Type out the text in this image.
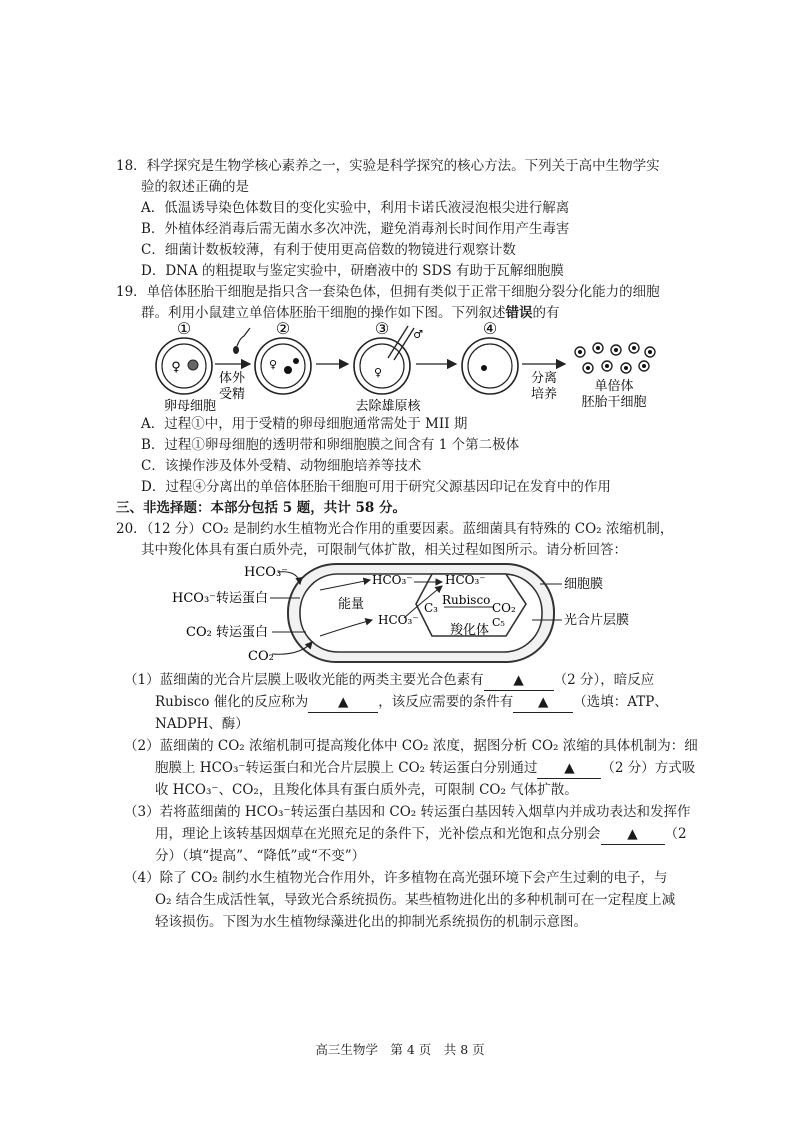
18．科学探究是生物学核心素养之一，实验是科学探究的核心方法。下列关于高中生物学实
验的叙述正确的是
A．低温诱导染色体数目的变化实验中，利用卡诺氏液浸泡根尖进行解离
B．外植体经消毒后需无菌水多次冲洗，避免消毒剂长时间作用产生毒害
C．细菌计数板较薄，有利于使用更高倍数的物镜进行观察计数
D．DNA 的粗提取与鉴定实验中，研磨液中的 SDS 有助于瓦解细胞膜
19．单倍体胚胎干细胞是指只含一套染色体，但拥有类似于正常干细胞分裂分化能力的细胞
群。利用小鼠建立单倍体胚胎干细胞的操作如下图。下列叙述错误的有
①	②	③	④
♀
体外
受精
♀
♀
♂
分离
培养
单倍体
胚胎干细胞
卵母细胞	去除雄原核
A．过程①中，用于受精的卵母细胞通常需处于 MII 期
B．过程①卵母细胞的透明带和卵细胞膜之间含有 1 个第二极体
C．该操作涉及体外受精、动物细胞培养等技术
D．过程④分离出的单倍体胚胎干细胞可用于研究父源基因印记在发育中的作用
三、非选择题：本部分包括 5 题，共计 58 分。
20．（12 分）CO₂ 是制约水生植物光合作用的重要因素。蓝细菌具有特殊的 CO₂ 浓缩机制，
其中羧化体具有蛋白质外壳，可限制气体扩散，相关过程如图所示。请分析回答：
HCO₃⁻
HCO₃⁻转运蛋白
CO₂ 转运蛋白
CO₂
能量
HCO₃⁻
HCO₃⁻
HCO₃⁻
Rubisco
C₃	CO₂
C₅
羧化体
细胞膜
光合片层膜
（1）蓝细菌的光合片层膜上吸收光能的两类主要光合色素有 ▲ （2 分），暗反应
Rubisco 催化的反应称为 ▲ ，该反应需要的条件有 ▲ （选填：ATP、
NADPH、酶）
（2）蓝细菌的 CO₂ 浓缩机制可提高羧化体中 CO₂ 浓度，据图分析 CO₂ 浓缩的具体机制为：细
胞膜上 HCO₃⁻转运蛋白和光合片层膜上 CO₂ 转运蛋白分别通过 ▲ （2 分）方式吸
收 HCO₃⁻、CO₂，且羧化体具有蛋白质外壳，可限制 CO₂ 气体扩散。
（3）若将蓝细菌的 HCO₃⁻转运蛋白基因和 CO₂ 转运蛋白基因转入烟草内并成功表达和发挥作
用，理论上该转基因烟草在光照充足的条件下，光补偿点和光饱和点分别会 ▲ （2
分）（填“提高”、“降低”或“不变”）
（4）除了 CO₂ 制约水生植物光合作用外，许多植物在高光强环境下会产生过剩的电子，与
O₂ 结合生成活性氧，导致光合系统损伤。某些植物进化出的多种机制可在一定程度上减
轻该损伤。下图为水生植物绿藻进化出的抑制光系统损伤的机制示意图。
高三生物学　第 4 页　共 8 页
